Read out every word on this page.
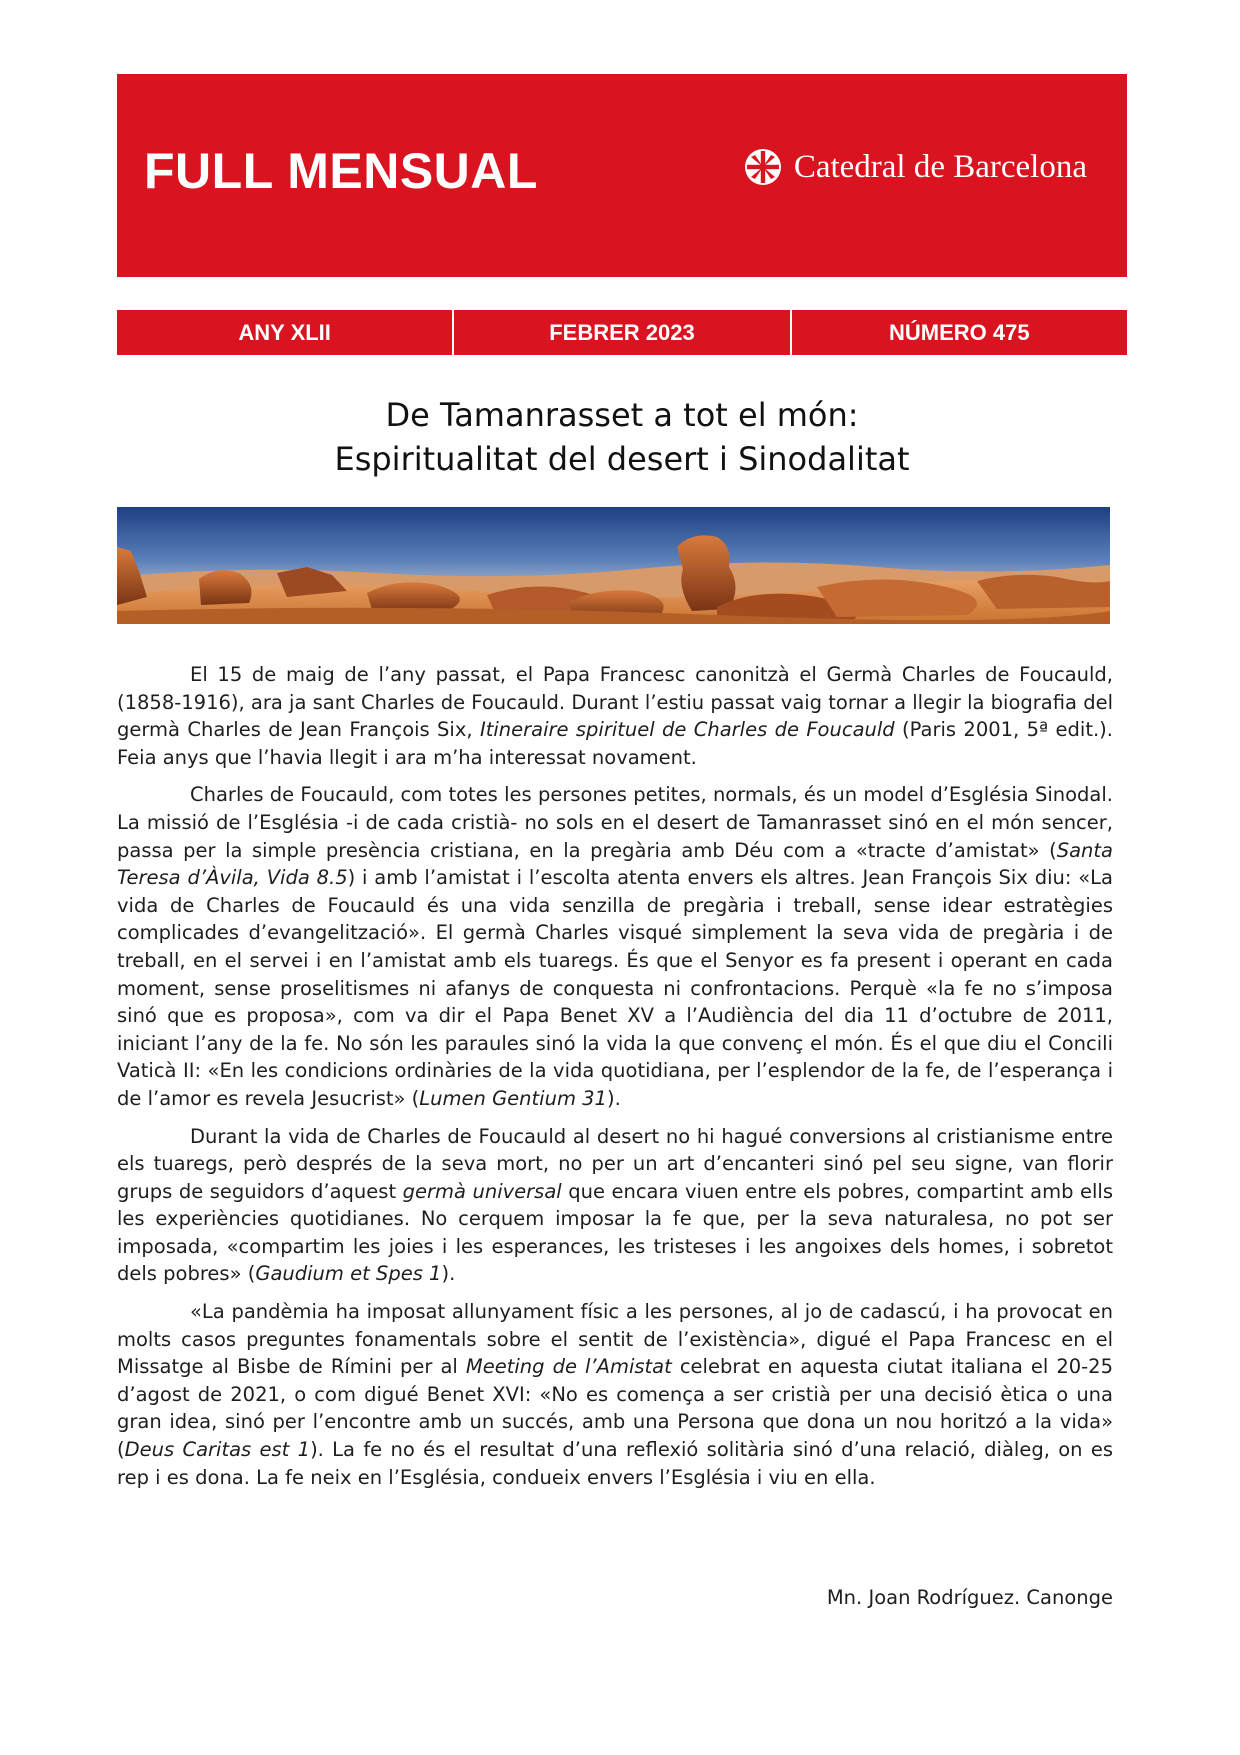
FULL MENSUAL	Catedral de Barcelona
ANY XLII	FEBRER 2023	NÚMERO 475
De Tamanrasset a tot el món:
Espiritualitat del desert i Sinodalitat

El 15 de maig de l’any passat, el Papa Francesc canonitzà el Germà Charles de Foucauld, (1858-1916), ara ja sant Charles de Foucauld. Durant l’estiu passat vaig tornar a llegir la biografia del germà Charles de Jean François Six, Itineraire spirituel de Charles de Foucauld (Paris 2001, 5ª edit.). Feia anys que l’havia llegit i ara m’ha interessat novament.

Charles de Foucauld, com totes les persones petites, normals, és un model d’Església Sinodal. La missió de l’Església -i de cada cristià- no sols en el desert de Tamanrasset sinó en el món sencer, passa per la simple presència cristiana, en la pregària amb Déu com a «tracte d’amistat» (Santa Teresa d’Àvila, Vida 8.5) i amb l’amistat i l’escolta atenta envers els altres. Jean François Six diu: «La vida de Charles de Foucauld és una vida senzilla de pregària i treball, sense idear estratègies complicades d’evangelització». El germà Charles visqué simplement la seva vida de pregària i de treball, en el servei i en l’amistat amb els tuaregs. És que el Senyor es fa present i operant en cada moment, sense proselitismes ni afanys de conquesta ni confrontacions. Perquè «la fe no s’imposa sinó que es proposa», com va dir el Papa Benet XV a l’Audiència del dia 11 d’octubre de 2011, iniciant l’any de la fe. No són les paraules sinó la vida la que convenç el món. És el que diu el Concili Vaticà II: «En les condicions ordinàries de la vida quotidiana, per l’esplendor de la fe, de l’esperança i de l’amor es revela Jesucrist» (Lumen Gentium 31).

Durant la vida de Charles de Foucauld al desert no hi hagué conversions al cristianisme entre els tuaregs, però després de la seva mort, no per un art d’encanteri sinó pel seu signe, van florir grups de seguidors d’aquest germà universal que encara viuen entre els pobres, compartint amb ells les experiències quotidianes. No cerquem imposar la fe que, per la seva naturalesa, no pot ser imposada, «compartim les joies i les esperances, les tristeses i les angoixes dels homes, i sobretot dels pobres» (Gaudium et Spes 1).

«La pandèmia ha imposat allunyament físic a les persones, al jo de cadascú, i ha provocat en molts casos preguntes fonamentals sobre el sentit de l’existència», digué el Papa Francesc en el Missatge al Bisbe de Rímini per al Meeting de l’Amistat celebrat en aquesta ciutat italiana el 20-25 d’agost de 2021, o com digué Benet XVI: «No es comença a ser cristià per una decisió ètica o una gran idea, sinó per l’encontre amb un succés, amb una Persona que dona un nou horitzó a la vida» (Deus Caritas est 1). La fe no és el resultat d’una reflexió solitària sinó d’una relació, diàleg, on es rep i es dona. La fe neix en l’Església, condueix envers l’Església i viu en ella.

Mn. Joan Rodríguez. Canonge
